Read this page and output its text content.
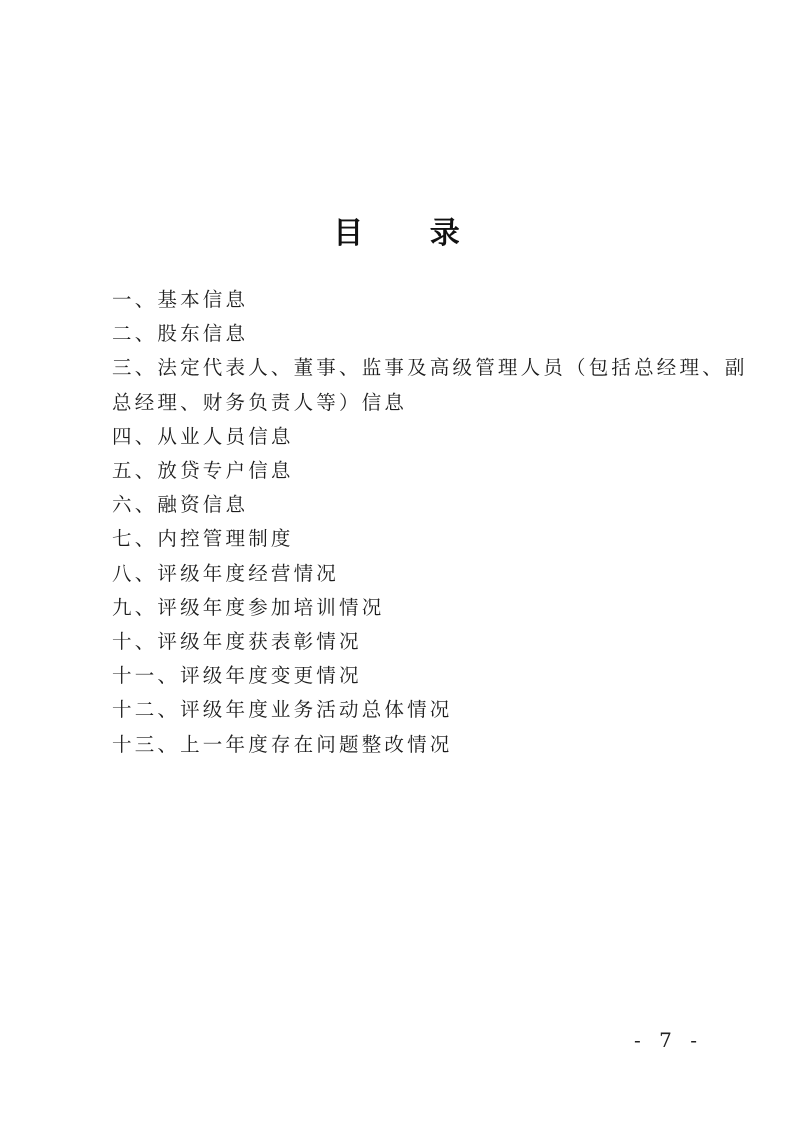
目 录
一、基本信息
二、股东信息
三、法定代表人、董事、监事及高级管理人员（包括总经理、副
总经理、财务负责人等）信息
四、从业人员信息
五、放贷专户信息
六、融资信息
七、内控管理制度
八、评级年度经营情况
九、评级年度参加培训情况
十、评级年度获表彰情况
十一、评级年度变更情况
十二、评级年度业务活动总体情况
十三、上一年度存在问题整改情况
- 7 -
